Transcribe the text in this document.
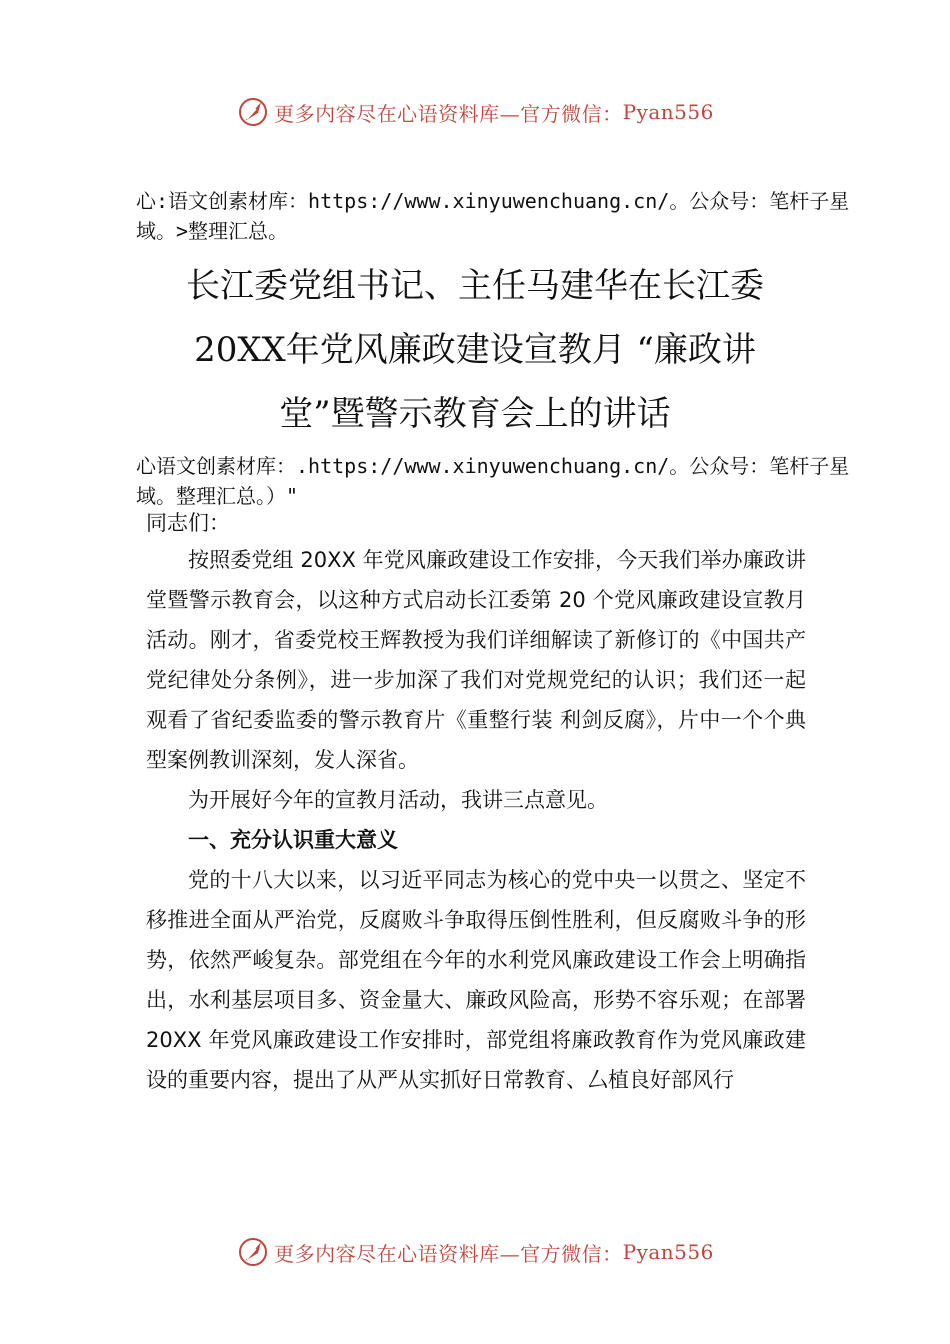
更多内容尽在心语资料库—官方微信： Pyan556
心:语文创素材库：https://www.xinyuwenchuang.cn/。公众号：笔杆子星域。>整理汇总。
长江委党组书记、主任马建华在长江委
20XX年党风廉政建设宣教月 “廉政讲
堂”暨警示教育会上的讲话
心语文创素材库：.https://www.xinyuwenchuang.cn/。公众号：笔杆子星域。整理汇总。）"

同志们：

按照委党组 20XX 年党风廉政建设工作安排，今天我们举办廉政讲堂暨警示教育会，以这种方式启动长江委第 20 个党风廉政建设宣教月活动。刚才，省委党校王辉教授为我们详细解读了新修订的《中国共产党纪律处分条例》，进一步加深了我们对党规党纪的认识；我们还一起观看了省纪委监委的警示教育片《重整行装 利剑反腐》，片中一个个典型案例教训深刻，发人深省。

为开展好今年的宣教月活动，我讲三点意见。

一、充分认识重大意义

党的十八大以来，以习近平同志为核心的党中央一以贯之、坚定不移推进全面从严治党，反腐败斗争取得压倒性胜利，但反腐败斗争的形势，依然严峻复杂。部党组在今年的水利党风廉政建设工作会上明确指出，水利基层项目多、资金量大、廉政风险高，形势不容乐观；在部署 20XX 年党风廉政建设工作安排时，部党组将廉政教育作为党风廉政建设的重要内容，提出了从严从实抓好日常教育、厶植良好部风行

更多内容尽在心语资料库—官方微信： Pyan556
